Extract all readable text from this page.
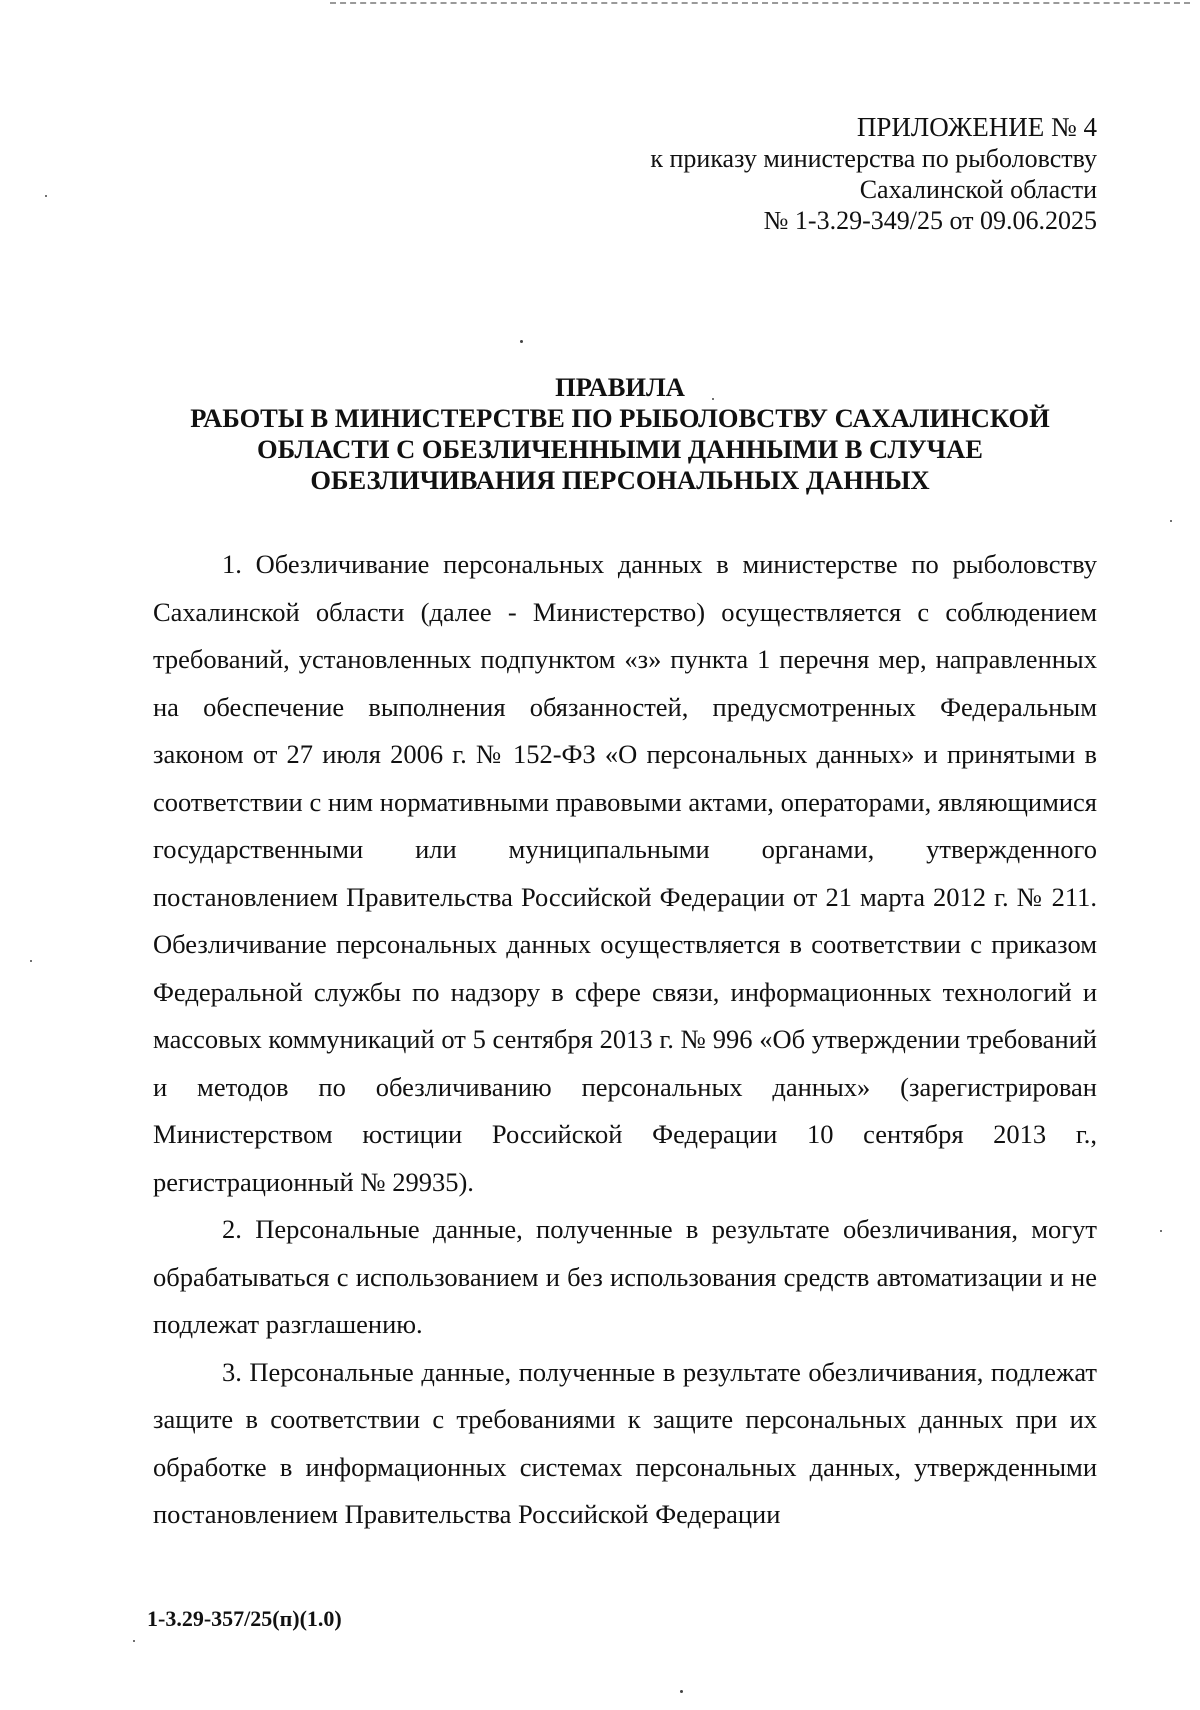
ПРИЛОЖЕНИЕ № 4
к приказу министерства по рыболовству
Сахалинской области
№ 1-3.29-349/25 от 09.06.2025
ПРАВИЛА
РАБОТЫ В МИНИСТЕРСТВЕ ПО РЫБОЛОВСТВУ САХАЛИНСКОЙ
ОБЛАСТИ С ОБЕЗЛИЧЕННЫМИ ДАННЫМИ В СЛУЧАЕ
ОБЕЗЛИЧИВАНИЯ ПЕРСОНАЛЬНЫХ ДАННЫХ

1. Обезличивание персональных данных в министерстве по рыболовству Сахалинской области (далее - Министерство) осуществляется с соблюдением требований, установленных подпунктом «з» пункта 1 перечня мер, направленных на обеспечение выполнения обязанностей, предусмотренных Федеральным законом от 27 июля 2006 г. № 152-ФЗ «О персональных данных» и принятыми в соответствии с ним нормативными правовыми актами, операторами, являющимися государственными или муниципальными органами, утвержденного постановлением Правительства Российской Федерации от 21 марта 2012 г. № 211. Обезличивание персональных данных осуществляется в соответствии с приказом Федеральной службы по надзору в сфере связи, информационных технологий и массовых коммуникаций от 5 сентября 2013 г. № 996 «Об утверждении требований и методов по обезличиванию персональных данных» (зарегистрирован Министерством юстиции Российской Федерации 10 сентября 2013 г., регистрационный № 29935).

2. Персональные данные, полученные в результате обезличивания, могут обрабатываться с использованием и без использования средств автоматизации и не подлежат разглашению.

3. Персональные данные, полученные в результате обезличивания, подлежат защите в соответствии с требованиями к защите персональных данных при их обработке в информационных системах персональных данных, утвержденными постановлением Правительства Российской Федерации

1-3.29-357/25(п)(1.0)
